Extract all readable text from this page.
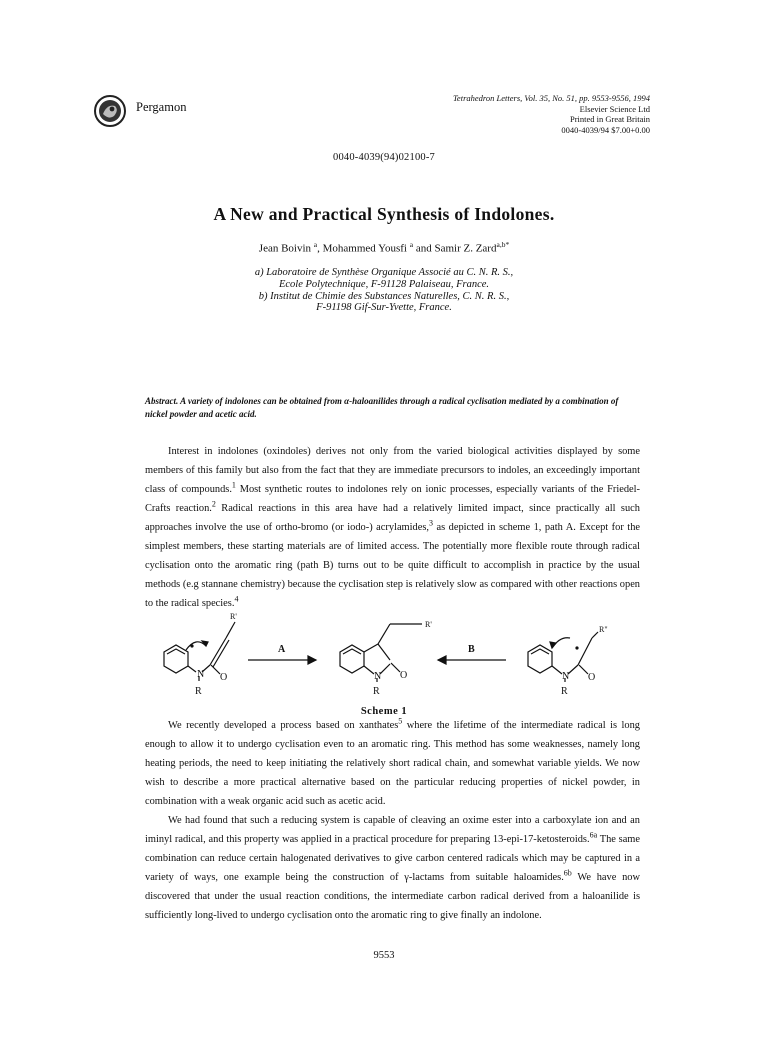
Pergamon
Tetrahedron Letters, Vol. 35, No. 51, pp. 9553-9556, 1994
Elsevier Science Ltd
Printed in Great Britain
0040-4039/94 $7.00+0.00
0040-4039(94)02100-7
A New and Practical Synthesis of Indolones.
Jean Boivin $^a$, Mohammed Yousfi $^a$ and Samir Z. Zard$^{a,b*}$
a) Laboratoire de Synthèse Organique Associé au C. N. R. S.,
Ecole Polytechnique, F-91128 Palaiseau, France.
b) Institut de Chimie des Substances Naturelles, C. N. R. S.,
F-91198 Gif-Sur-Yvette, France.
Abstract. A variety of indolones can be obtained from α-haloanilides through a radical cyclisation mediated by a combination of nickel powder and acetic acid.

Interest in indolones (oxindoles) derives not only from the varied biological activities displayed by some members of this family but also from the fact that they are immediate precursors to indoles, an exceedingly important class of compounds.$^1$ Most synthetic routes to indolones rely on ionic processes, especially variants of the Friedel-Crafts reaction.$^2$ Radical reactions in this area have had a relatively limited impact, since practically all such approaches involve the use of ortho-bromo (or iodo-) acrylamides,$^3$ as depicted in scheme 1, path A. Except for the simplest members, these starting materials are of limited access. The potentially more flexible route through radical cyclisation onto the aromatic ring (path B) turns out to be quite difficult to accomplish in practice by the usual methods (e.g stannane chemistry) because the cyclisation step is relatively slow as compared with other reactions open to the radical species.$^4$

N
R
O
R'
A
N
R
O
R'
B
N
R
O
R"
Scheme 1

We recently developed a process based on xanthates$^5$ where the lifetime of the intermediate radical is long enough to allow it to undergo cyclisation even to an aromatic ring. This method has some weaknesses, namely long heating periods, the need to keep initiating the relatively short radical chain, and somewhat variable yields. We now wish to describe a more practical alternative based on the particular reducing properties of nickel powder, in combination with a weak organic acid such as acetic acid.

We had found that such a reducing system is capable of cleaving an oxime ester into a carboxylate ion and an iminyl radical, and this property was applied in a practical procedure for preparing 13-epi-17-ketosteroids.$^{6a}$ The same combination can reduce certain halogenated derivatives to give carbon centered radicals which may be captured in a variety of ways, one example being the construction of γ-lactams from suitable haloamides.$^{6b}$ We have now discovered that under the usual reaction conditions, the intermediate carbon radical derived from a haloanilide is sufficiently long-lived to undergo cyclisation onto the aromatic ring to give finally an indolone.

9553
